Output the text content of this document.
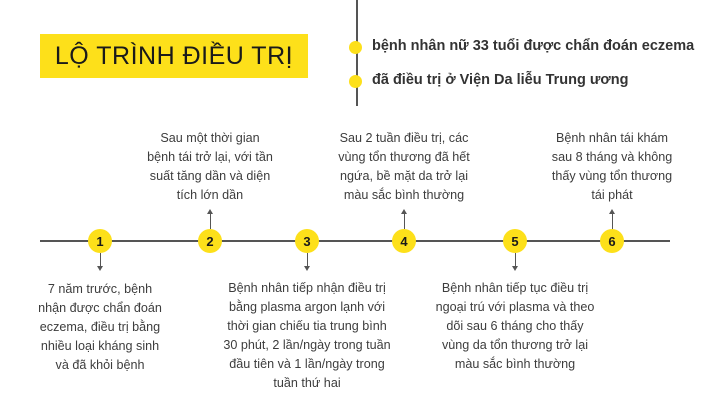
LỘ TRÌNH ĐIỀU TRỊ	bệnh nhân nữ 33 tuổi được chẩn đoán eczema
đã điều trị ở Viện Da liễu Trung ương
1
7 năm trước, bệnh
nhận được chẩn đoán
eczema, điều trị bằng
nhiều loại kháng sinh
và đã khỏi bệnh
2
Sau một thời gian
bệnh tái trở lại, với tần
suất tăng dần và diện
tích lớn dần
3
Bệnh nhân tiếp nhận điều trị
bằng plasma argon lạnh với
thời gian chiếu tia trung bình
30 phút, 2 lần/ngày trong tuần
đầu tiên và 1 lần/ngày trong
tuần thứ hai
4
Sau 2 tuần điều trị, các
vùng tổn thương đã hết
ngứa, bề mặt da trở lại
màu sắc bình thường
5
Bệnh nhân tiếp tục điều trị
ngoại trú với plasma và theo
dõi sau 6 tháng cho thấy
vùng da tổn thương trở lại
màu sắc bình thường
6
Bệnh nhân tái khám
sau 8 tháng và không
thấy vùng tổn thương
tái phát
